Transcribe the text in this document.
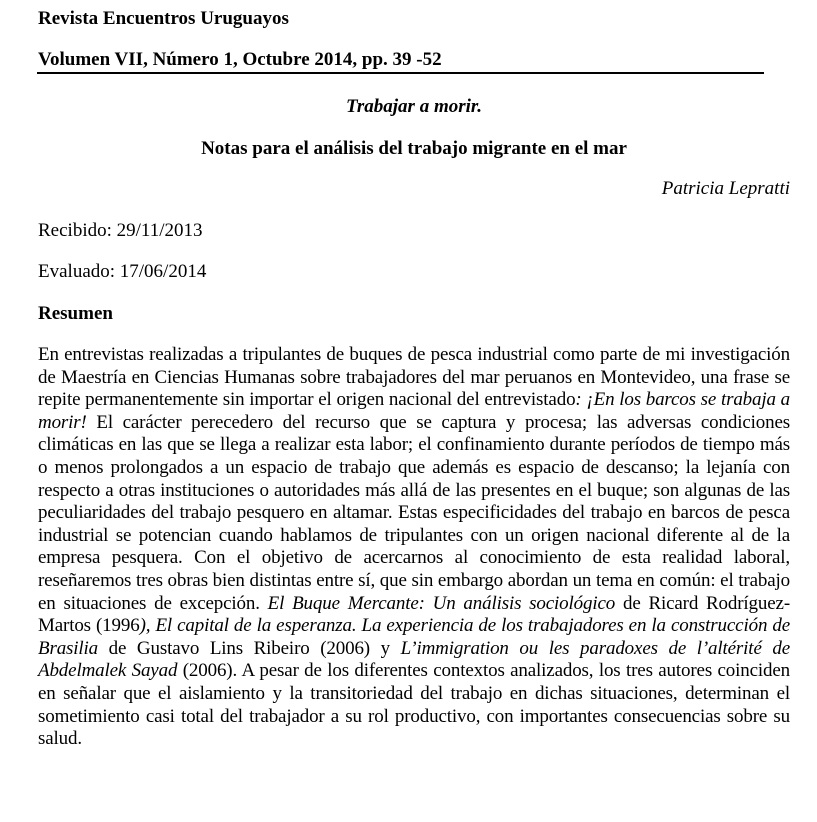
Revista Encuentros Uruguayos

Volumen VII, Número 1, Octubre 2014, pp. 39 -52

Trabajar a morir.

Notas para el análisis del trabajo migrante en el mar

Patricia Lepratti

Recibido: 29/11/2013

Evaluado: 17/06/2014

Resumen

En entrevistas realizadas a tripulantes de buques de pesca industrial como parte de mi investigación de Maestría en Ciencias Humanas sobre trabajadores del mar peruanos en Montevideo, una frase se repite permanentemente sin importar el origen nacional del entrevistado: ¡En los barcos se trabaja a morir! El carácter perecedero del recurso que se captura y procesa; las adversas condiciones climáticas en las que se llega a realizar esta labor; el confinamiento durante períodos de tiempo más o menos prolongados a un espacio de trabajo que además es espacio de descanso; la lejanía con respecto a otras instituciones o autoridades más allá de las presentes en el buque; son algunas de las peculiaridades del trabajo pesquero en altamar. Estas especificidades del trabajo en barcos de pesca industrial se potencian cuando hablamos de tripulantes con un origen nacional diferente al de la empresa pesquera. Con el objetivo de acercarnos al conocimiento de esta realidad laboral, reseñaremos tres obras bien distintas entre sí, que sin embargo abordan un tema en común: el trabajo en situaciones de excepción. El Buque Mercante: Un análisis sociológico de Ricard Rodríguez-Martos (1996), El capital de la esperanza. La experiencia de los trabajadores en la construcción de Brasilia de Gustavo Lins Ribeiro (2006) y L’immigration ou les paradoxes de l’altérité de Abdelmalek Sayad (2006). A pesar de los diferentes contextos analizados, los tres autores coinciden en señalar que el aislamiento y la transitoriedad del trabajo en dichas situaciones, determinan el sometimiento casi total del trabajador a su rol productivo, con importantes consecuencias sobre su salud.
